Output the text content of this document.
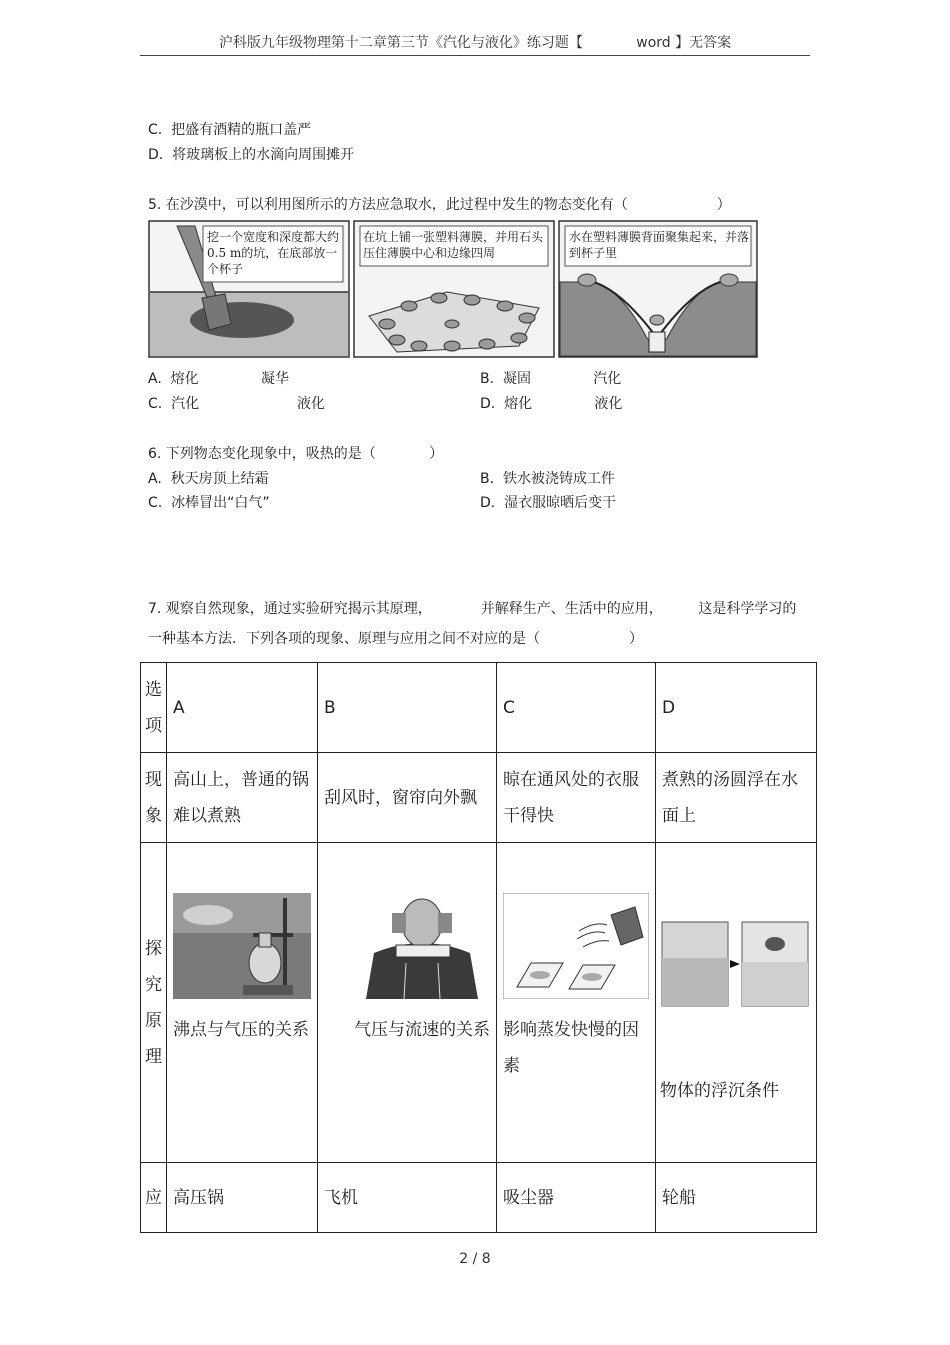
沪科版九年级物理第十二章第三节《汽化与液化》练习题【            word 】无答案
C.  把盛有酒精的瓶口盖严
D.  将玻璃板上的水滴向周围摊开
5. 在沙漠中，可以利用图所示的方法应急取水，此过程中发生的物态变化有（                    ）
挖一个宽度和深度都大约 0.5 m的坑，在底部放一个杯子
在坑上铺一张塑料薄膜，并用石头压住薄膜中心和边缘四周
水在塑料薄膜背面聚集起来，并落到杯子里
A.  熔化              凝华	B.  凝固              汽化
C.  汽化                      液化	D.  熔化              液化
6. 下列物态变化现象中，吸热的是（            ）
A.  秋天房顶上结霜	B.  铁水被浇铸成工件
C.  冰棒冒出“白气”	D.  湿衣服晾晒后变干
7. 观察自然现象，通过实验研究揭示其原理，           并解释生产、生活中的应用，        这是科学学习的
一种基本方法．下列各项的现象、原理与应用之间不对应的是（                    ）
选项	A	B	C	D
现象	高山上，普通的锅难以煮熟	刮风时，窗帘向外飘	晾在通风处的衣服干得快	煮熟的汤圆浮在水面上
探究原理	沸点与气压的关系	气压与流速的关系	影响蒸发快慢的因素	物体的浮沉条件

应	高压锅	飞机	吸尘器	轮船
2 / 8
